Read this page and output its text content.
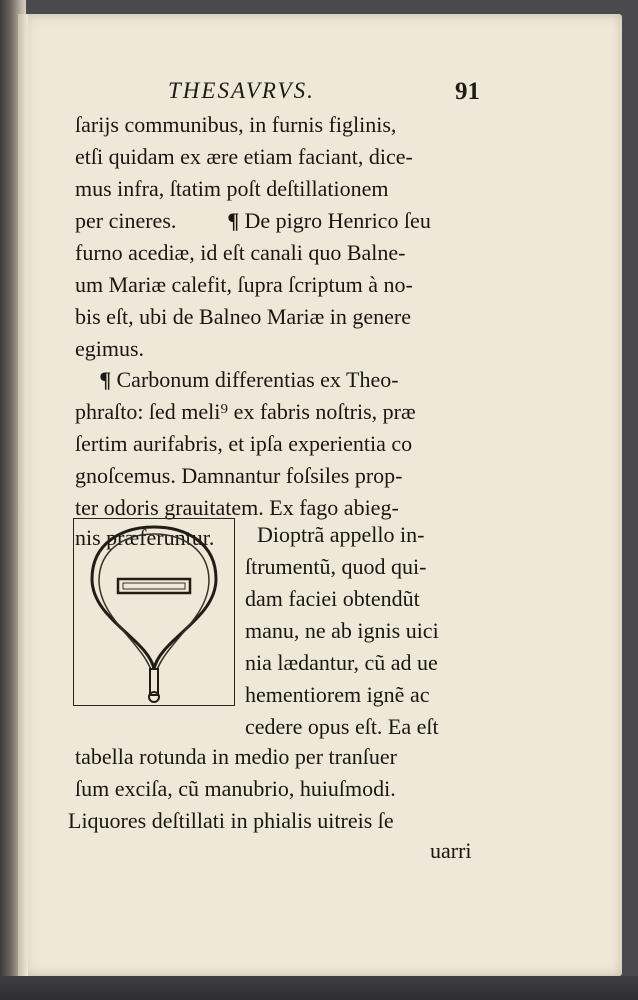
THESAVRVS.	91
ſarijs communibus, in furnis figlinis,
etſi quidam ex ære etiam faciant, dice-
mus infra, ſtatim poſt deſtillationem
per cineres. ¶ De pigro Henrico ſeu
furno acediæ, id eſt canali quo Balne-
um Mariæ calefit, ſupra ſcriptum à no-
bis eſt, ubi de Balneo Mariæ in genere
egimus.
¶ Carbonum differentias ex Theo-
phraſto: ſed meli⁹ ex fabris noſtris, præ
ſertim aurifabris, et ipſa experientia co
gnoſcemus. Damnantur foſsiles prop-
ter odoris grauitatem. Ex fago abieg-
nis præferuntur. Dioptrã appello in-
ſtrumentũ, quod qui-
dam faciei obtendũt
manu, ne ab ignis uici
nia lædantur, cũ ad ue
hementiorem ignẽ ac
cedere opus eſt. Ea eſt
tabella rotunda in medio per tranſuer
ſum exciſa, cũ manubrio, huiuſmodi.
Liquores deſtillati in phialis uitreis ſe
uarri
